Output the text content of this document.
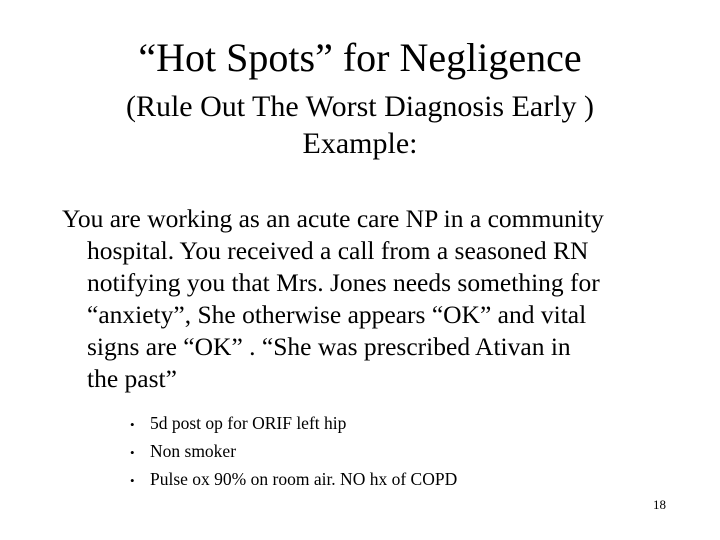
“Hot Spots” for Negligence
(Rule Out The Worst Diagnosis Early )
Example:
You are working as an acute care NP in a community
hospital. You received a call from a seasoned RN
notifying you that Mrs. Jones needs something for
“anxiety”, She otherwise appears “OK” and vital
signs are “OK” . “She was prescribed Ativan in
the past”
• 5d post op for ORIF left hip
• Non smoker
• Pulse ox 90% on room air. NO hx of COPD
18
